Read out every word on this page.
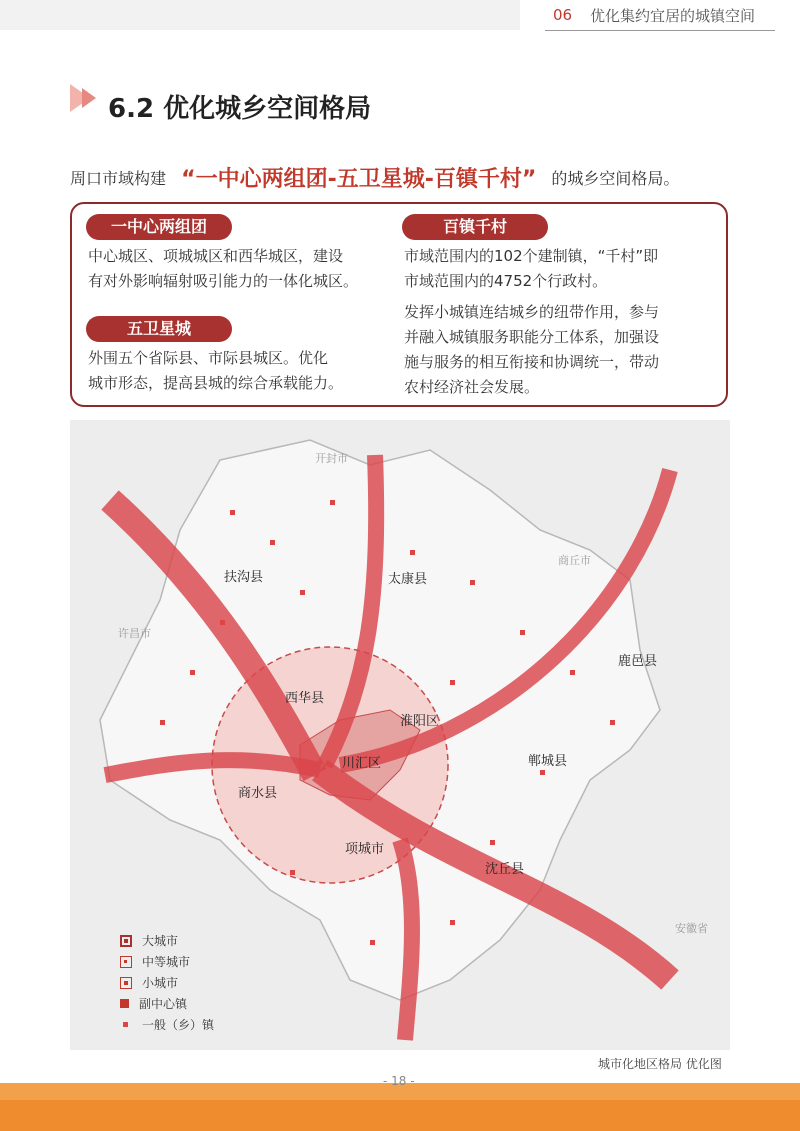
06 优化集约宜居的城镇空间
6.2 优化城乡空间格局
周口市域构建 “一中心两组团-五卫星城-百镇千村” 的城乡空间格局。
一中心两组团
中心城区、项城城区和西华城区，建设
有对外影响辐射吸引能力的一体化城区。
五卫星城
外围五个省际县、市际县城区。优化
城市形态，提高县城的综合承载能力。
百镇千村
市域范围内的102个建制镇，“千村”即
市域范围内的4752个行政村。
发挥小城镇连结城乡的纽带作用，参与
并融入城镇服务职能分工体系，加强设
施与服务的相互衔接和协调统一，带动
农村经济社会发展。
扶沟县	太康县
西华县
淮阳区
川汇区
商水县
鹿邑县
郸城县
项城市
沈丘县
开封市
商丘市
许昌市
安徽省
大城市
中等城市
小城市
副中心镇
一般（乡）镇
城市化地区格局 优化图
- 18 -
